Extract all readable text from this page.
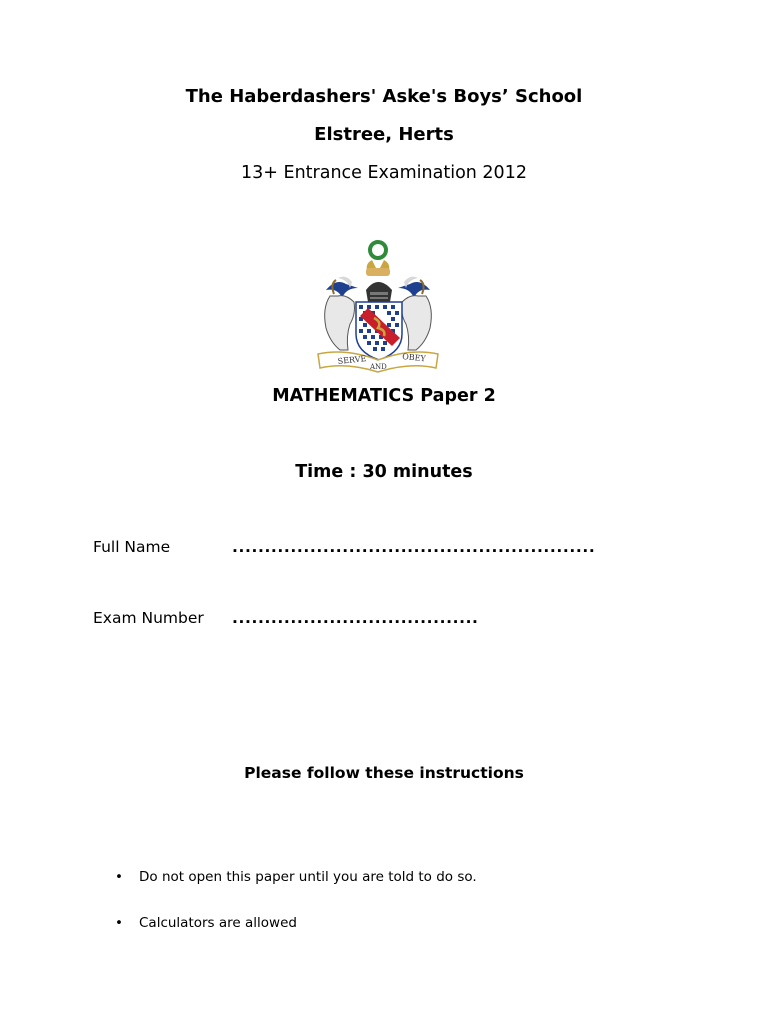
The Haberdashers' Aske's Boys’ School
Elstree, Herts
13+ Entrance Examination 2012
SERVE
AND
OBEY
MATHEMATICS Paper 2
Time : 30 minutes
Full Name	........................................................
Exam Number ......................................
Please follow these instructions
• Do not open this paper until you are told to do so.
• Calculators are allowed
